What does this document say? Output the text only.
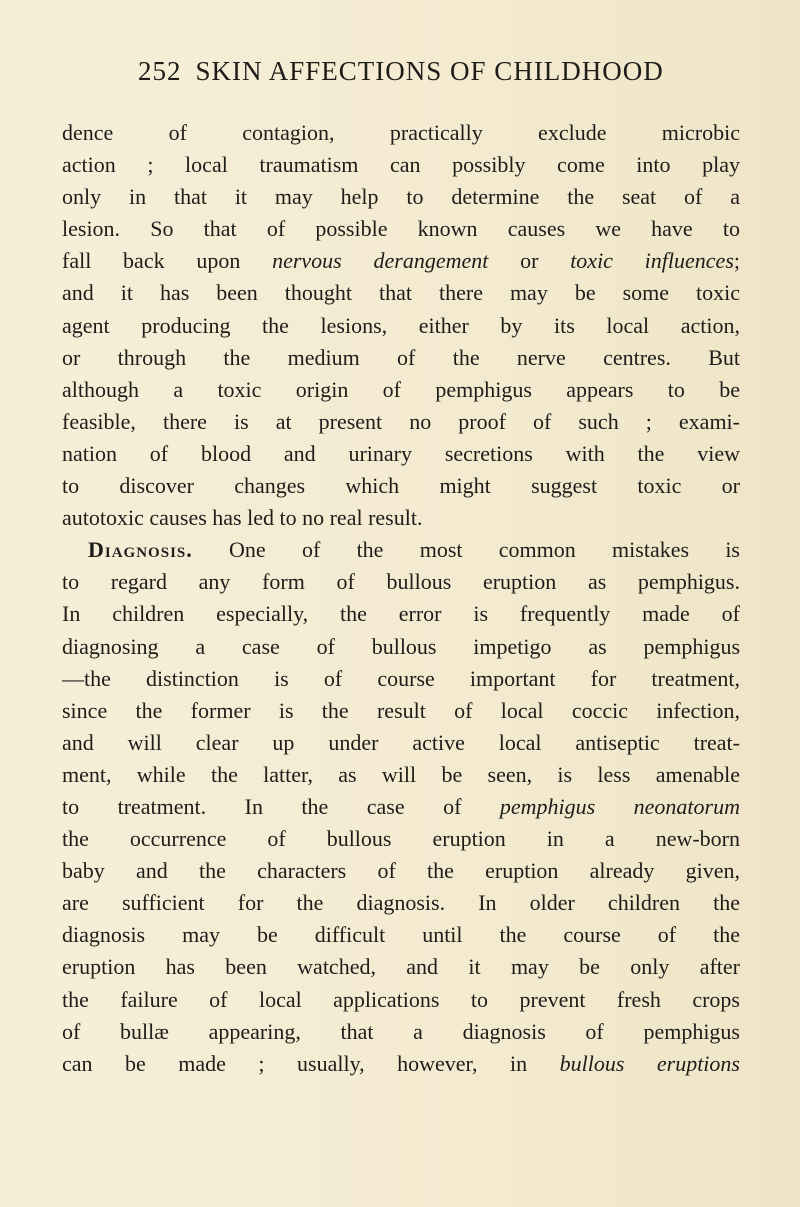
252 SKIN AFFECTIONS OF CHILDHOOD
dence of contagion, practically exclude microbic
action ; local traumatism can possibly come into play
only in that it may help to determine the seat of a
lesion. So that of possible known causes we have to
fall back upon nervous derangement or toxic influences;
and it has been thought that there may be some toxic
agent producing the lesions, either by its local action,
or through the medium of the nerve centres. But
although a toxic origin of pemphigus appears to be
feasible, there is at present no proof of such ; exami-
nation of blood and urinary secretions with the view
to discover changes which might suggest toxic or
autotoxic causes has led to no real result.
Diagnosis. One of the most common mistakes is
to regard any form of bullous eruption as pemphigus.
In children especially, the error is frequently made of
diagnosing a case of bullous impetigo as pemphigus
—the distinction is of course important for treatment,
since the former is the result of local coccic infection,
and will clear up under active local antiseptic treat-
ment, while the latter, as will be seen, is less amenable
to treatment. In the case of pemphigus neonatorum
the occurrence of bullous eruption in a new-born
baby and the characters of the eruption already given,
are sufficient for the diagnosis. In older children the
diagnosis may be difficult until the course of the
eruption has been watched, and it may be only after
the failure of local applications to prevent fresh crops
of bullæ appearing, that a diagnosis of pemphigus
can be made ; usually, however, in bullous eruptions
